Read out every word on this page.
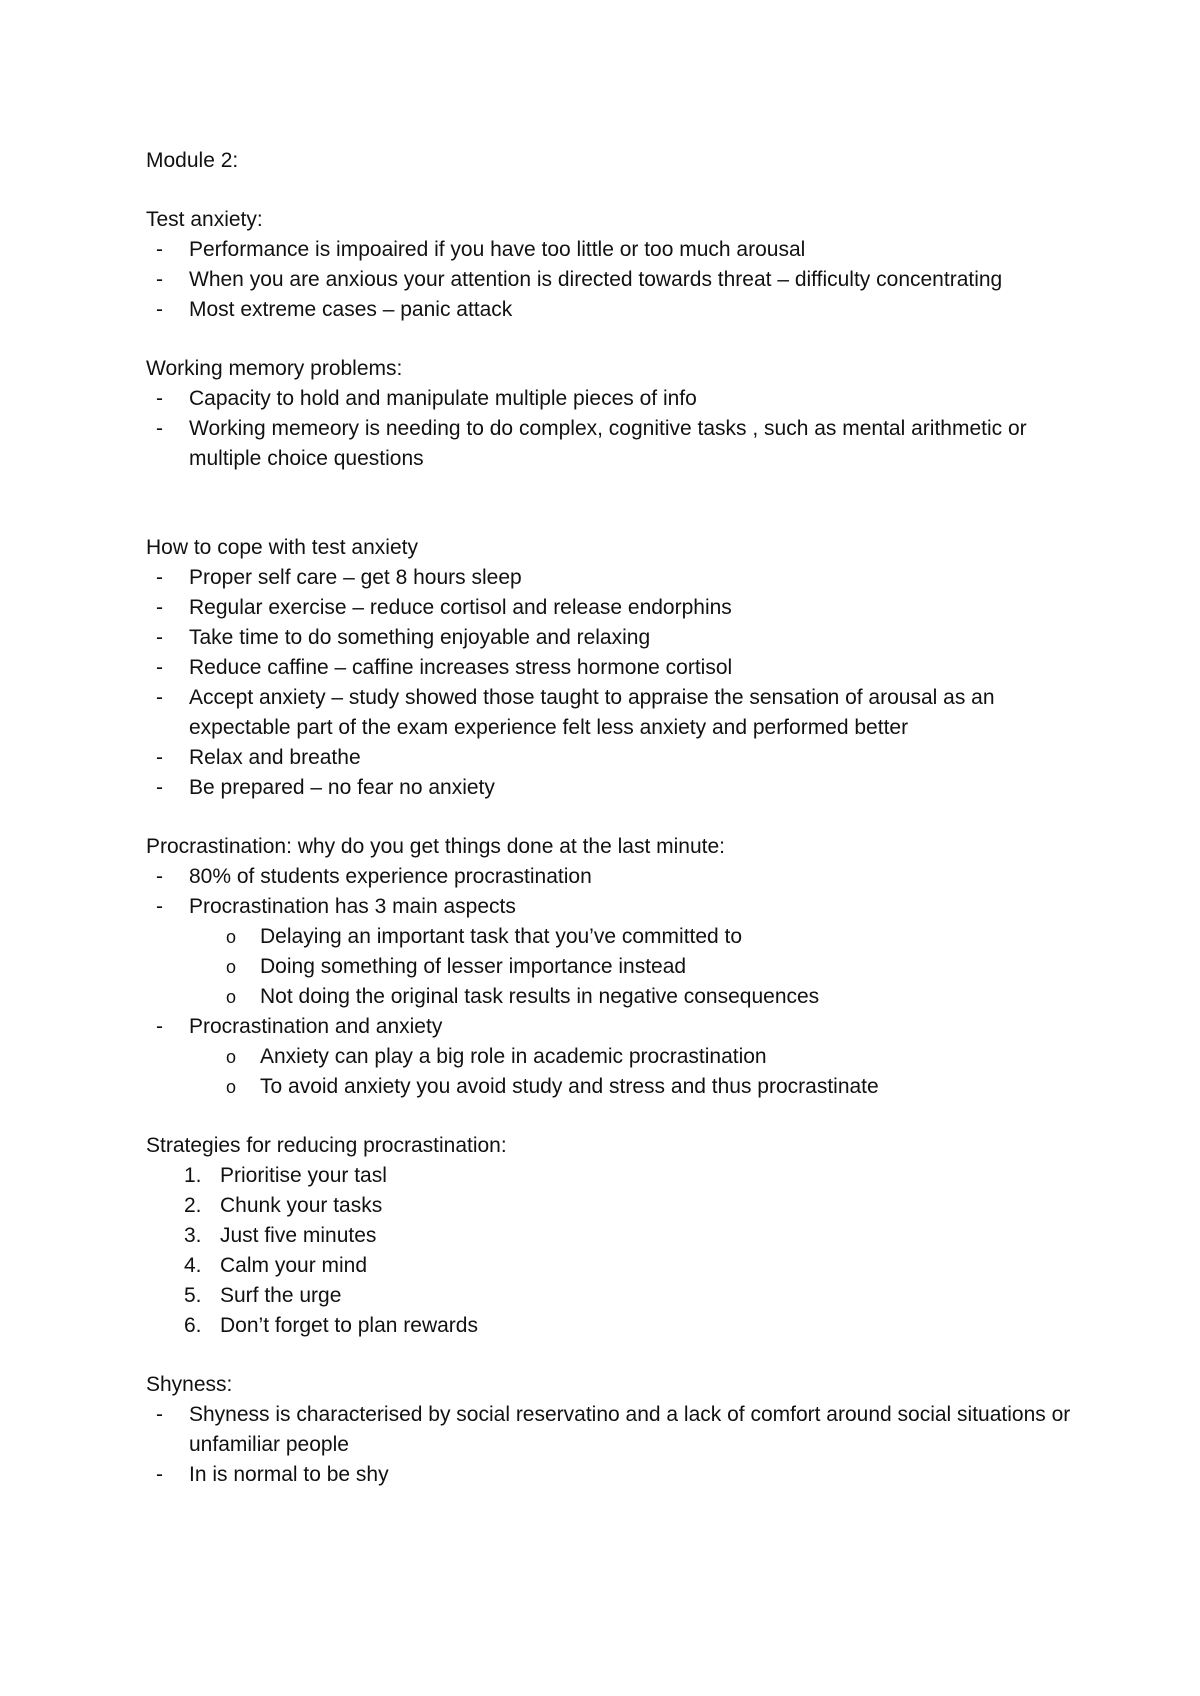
Module 2:

Test anxiety:

- Performance is impoaired if you have too little or too much arousal
- When you are anxious your attention is directed towards threat – difficulty concentrating
- Most extreme cases – panic attack

Working memory problems:

- Capacity to hold and manipulate multiple pieces of info
- Working memeory is needing to do complex, cognitive tasks , such as mental arithmetic or multiple choice questions

How to cope with test anxiety

- Proper self care – get 8 hours sleep
- Regular exercise – reduce cortisol and release endorphins
- Take time to do something enjoyable and relaxing
- Reduce caffine – caffine increases stress hormone cortisol
- Accept anxiety – study showed those taught to appraise the sensation of arousal as an expectable part of the exam experience felt less anxiety and performed better
- Relax and breathe
- Be prepared – no fear no anxiety

Procrastination: why do you get things done at the last minute:

- 80% of students experience procrastination
- Procrastination has 3 main aspects
o Delaying an important task that you’ve committed to
o Doing something of lesser importance instead
o Not doing the original task results in negative consequences
- Procrastination and anxiety
o Anxiety can play a big role in academic procrastination
o To avoid anxiety you avoid study and stress and thus procrastinate

Strategies for reducing procrastination:

1. Prioritise your tasl
2. Chunk your tasks
3. Just five minutes
4. Calm your mind
5. Surf the urge
6. Don’t forget to plan rewards

Shyness:

- Shyness is characterised by social reservatino and a lack of comfort around social situations or unfamiliar people
- In is normal to be shy
